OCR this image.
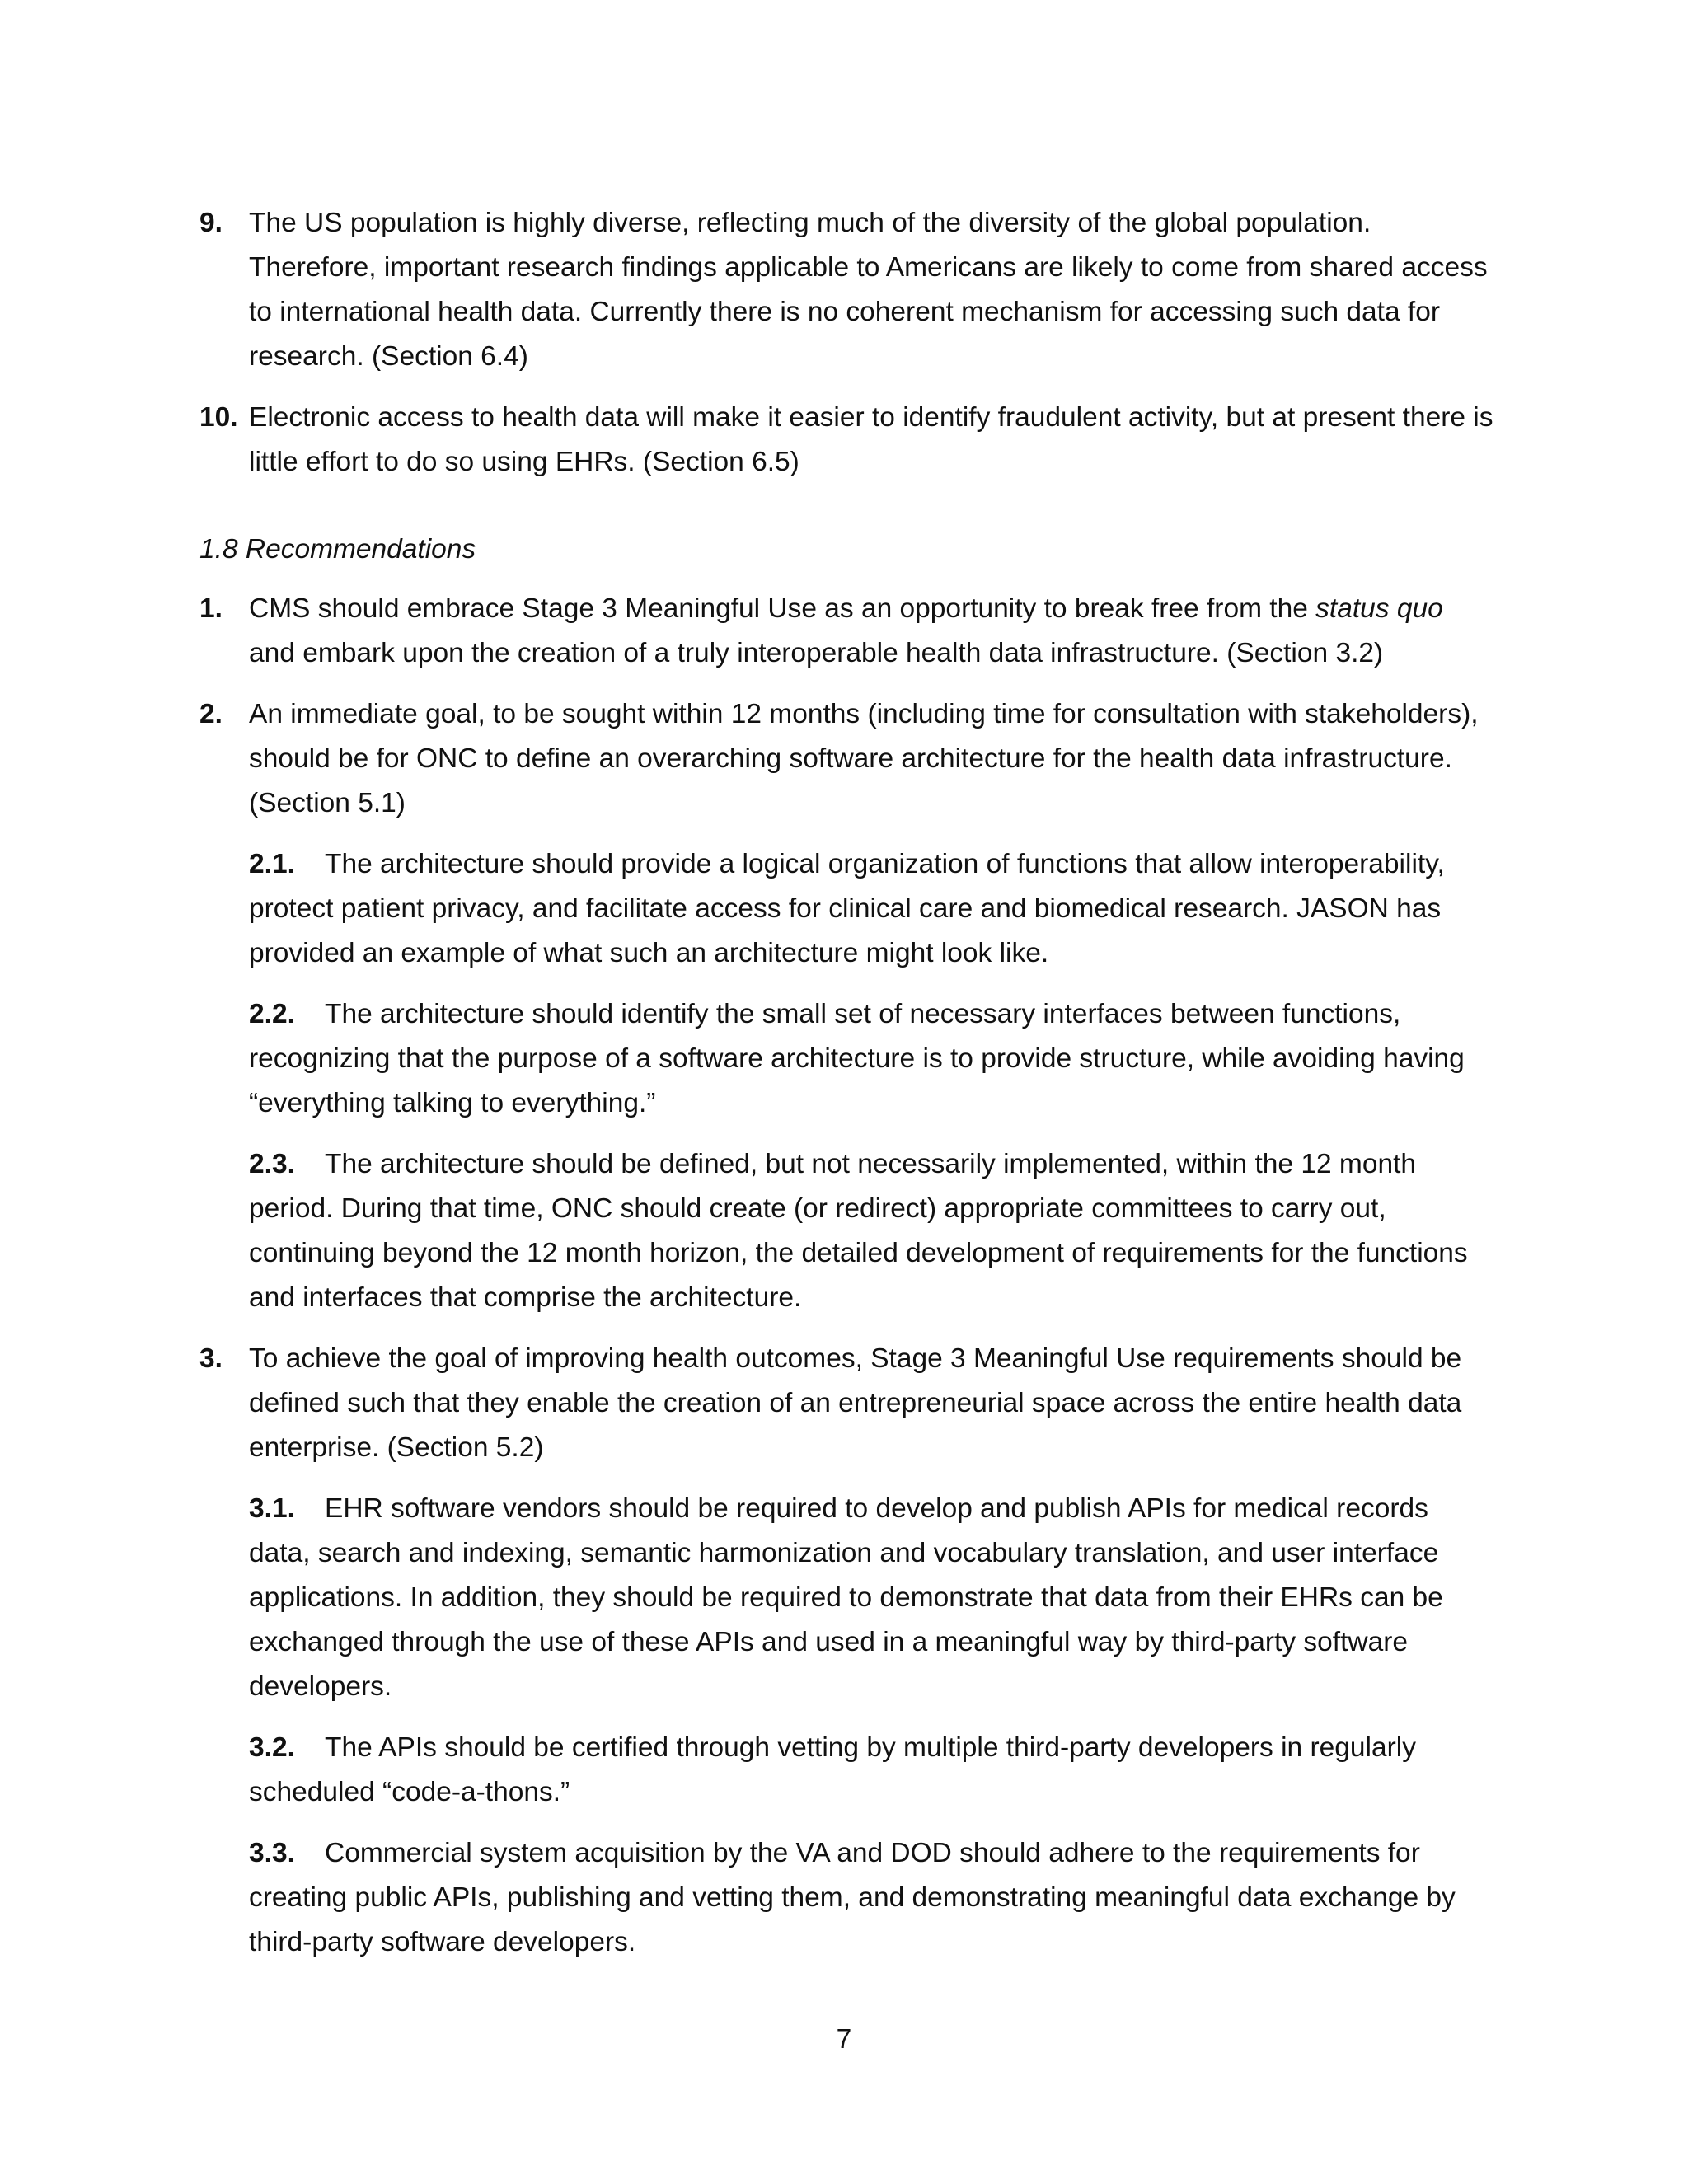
9. The US population is highly diverse, reflecting much of the diversity of the global population. Therefore, important research findings applicable to Americans are likely to come from shared access to international health data. Currently there is no coherent mechanism for accessing such data for research. (Section 6.4)
10. Electronic access to health data will make it easier to identify fraudulent activity, but at present there is little effort to do so using EHRs. (Section 6.5)
1.8 Recommendations
1. CMS should embrace Stage 3 Meaningful Use as an opportunity to break free from the status quo and embark upon the creation of a truly interoperable health data infrastructure. (Section 3.2)
2. An immediate goal, to be sought within 12 months (including time for consultation with stakeholders), should be for ONC to define an overarching software architecture for the health data infrastructure. (Section 5.1)
2.1. The architecture should provide a logical organization of functions that allow interoperability, protect patient privacy, and facilitate access for clinical care and biomedical research. JASON has provided an example of what such an architecture might look like.
2.2. The architecture should identify the small set of necessary interfaces between functions, recognizing that the purpose of a software architecture is to provide structure, while avoiding having “everything talking to everything.”
2.3. The architecture should be defined, but not necessarily implemented, within the 12 month period. During that time, ONC should create (or redirect) appropriate committees to carry out, continuing beyond the 12 month horizon, the detailed development of requirements for the functions and interfaces that comprise the architecture.
3. To achieve the goal of improving health outcomes, Stage 3 Meaningful Use requirements should be defined such that they enable the creation of an entrepreneurial space across the entire health data enterprise. (Section 5.2)
3.1. EHR software vendors should be required to develop and publish APIs for medical records data, search and indexing, semantic harmonization and vocabulary translation, and user interface applications. In addition, they should be required to demonstrate that data from their EHRs can be exchanged through the use of these APIs and used in a meaningful way by third-party software developers.
3.2. The APIs should be certified through vetting by multiple third-party developers in regularly scheduled “code-a-thons.”
3.3. Commercial system acquisition by the VA and DOD should adhere to the requirements for creating public APIs, publishing and vetting them, and demonstrating meaningful data exchange by third-party software developers.
7
